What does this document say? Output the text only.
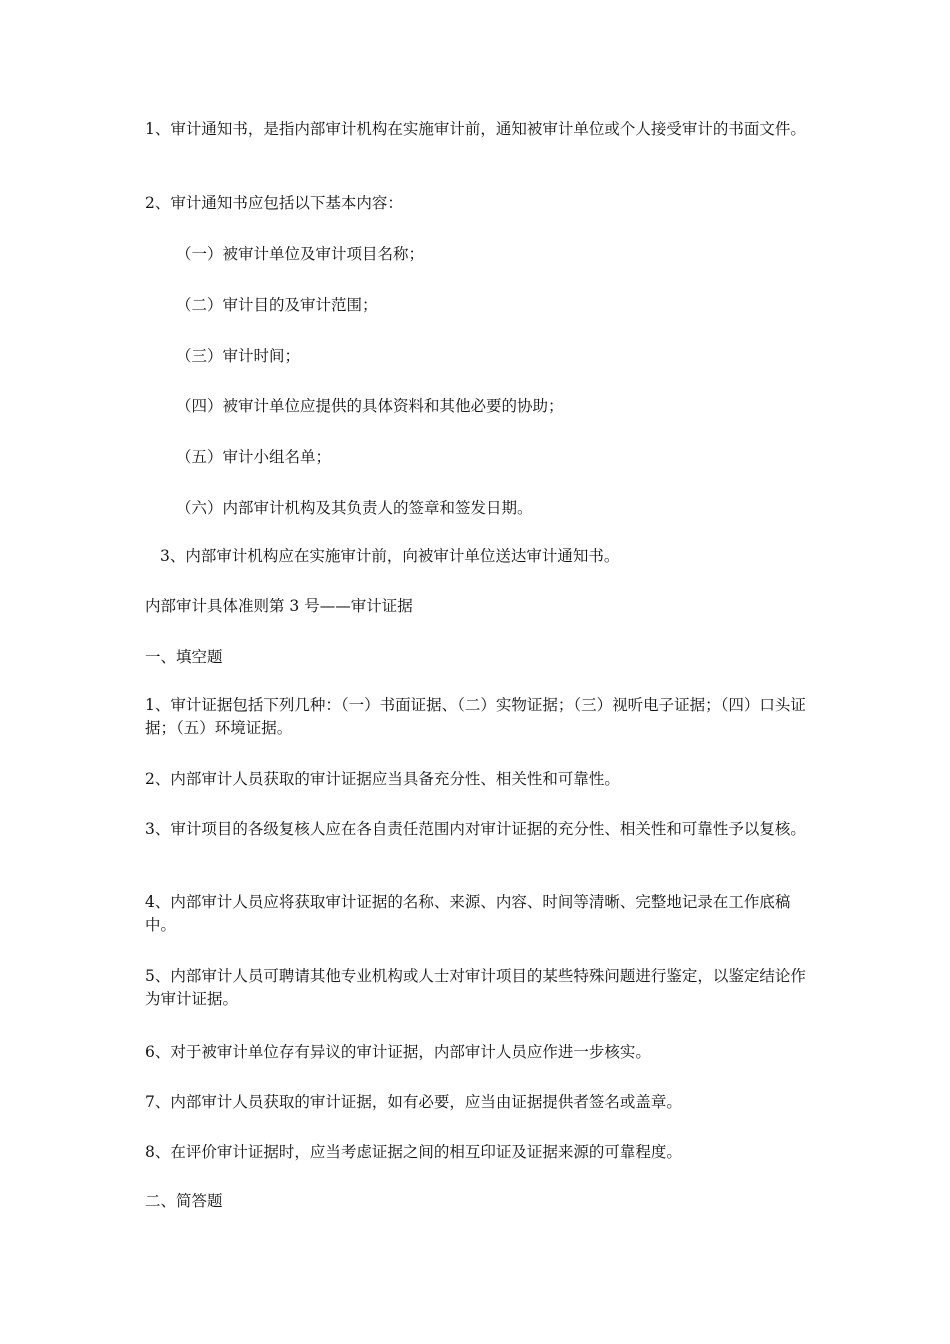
1、审计通知书，是指内部审计机构在实施审计前，通知被审计单位或个人接受审计的书面文件。

2、审计通知书应包括以下基本内容：

（一）被审计单位及审计项目名称；

（二）审计目的及审计范围；

（三）审计时间；

（四）被审计单位应提供的具体资料和其他必要的协助；

（五）审计小组名单；

（六）内部审计机构及其负责人的签章和签发日期。

3、内部审计机构应在实施审计前，向被审计单位送达审计通知书。

内部审计具体准则第 3 号——审计证据

一、填空题

1、审计证据包括下列几种：（一）书面证据、（二）实物证据；（三）视听电子证据；（四）口头证据；（五）环境证据。

2、内部审计人员获取的审计证据应当具备充分性、相关性和可靠性。

3、审计项目的各级复核人应在各自责任范围内对审计证据的充分性、相关性和可靠性予以复核。

4、内部审计人员应将获取审计证据的名称、来源、内容、时间等清晰、完整地记录在工作底稿中。

5、内部审计人员可聘请其他专业机构或人士对审计项目的某些特殊问题进行鉴定，以鉴定结论作为审计证据。

6、对于被审计单位存有异议的审计证据，内部审计人员应作进一步核实。

7、内部审计人员获取的审计证据，如有必要，应当由证据提供者签名或盖章。

8、在评价审计证据时，应当考虑证据之间的相互印证及证据来源的可靠程度。

二、简答题
